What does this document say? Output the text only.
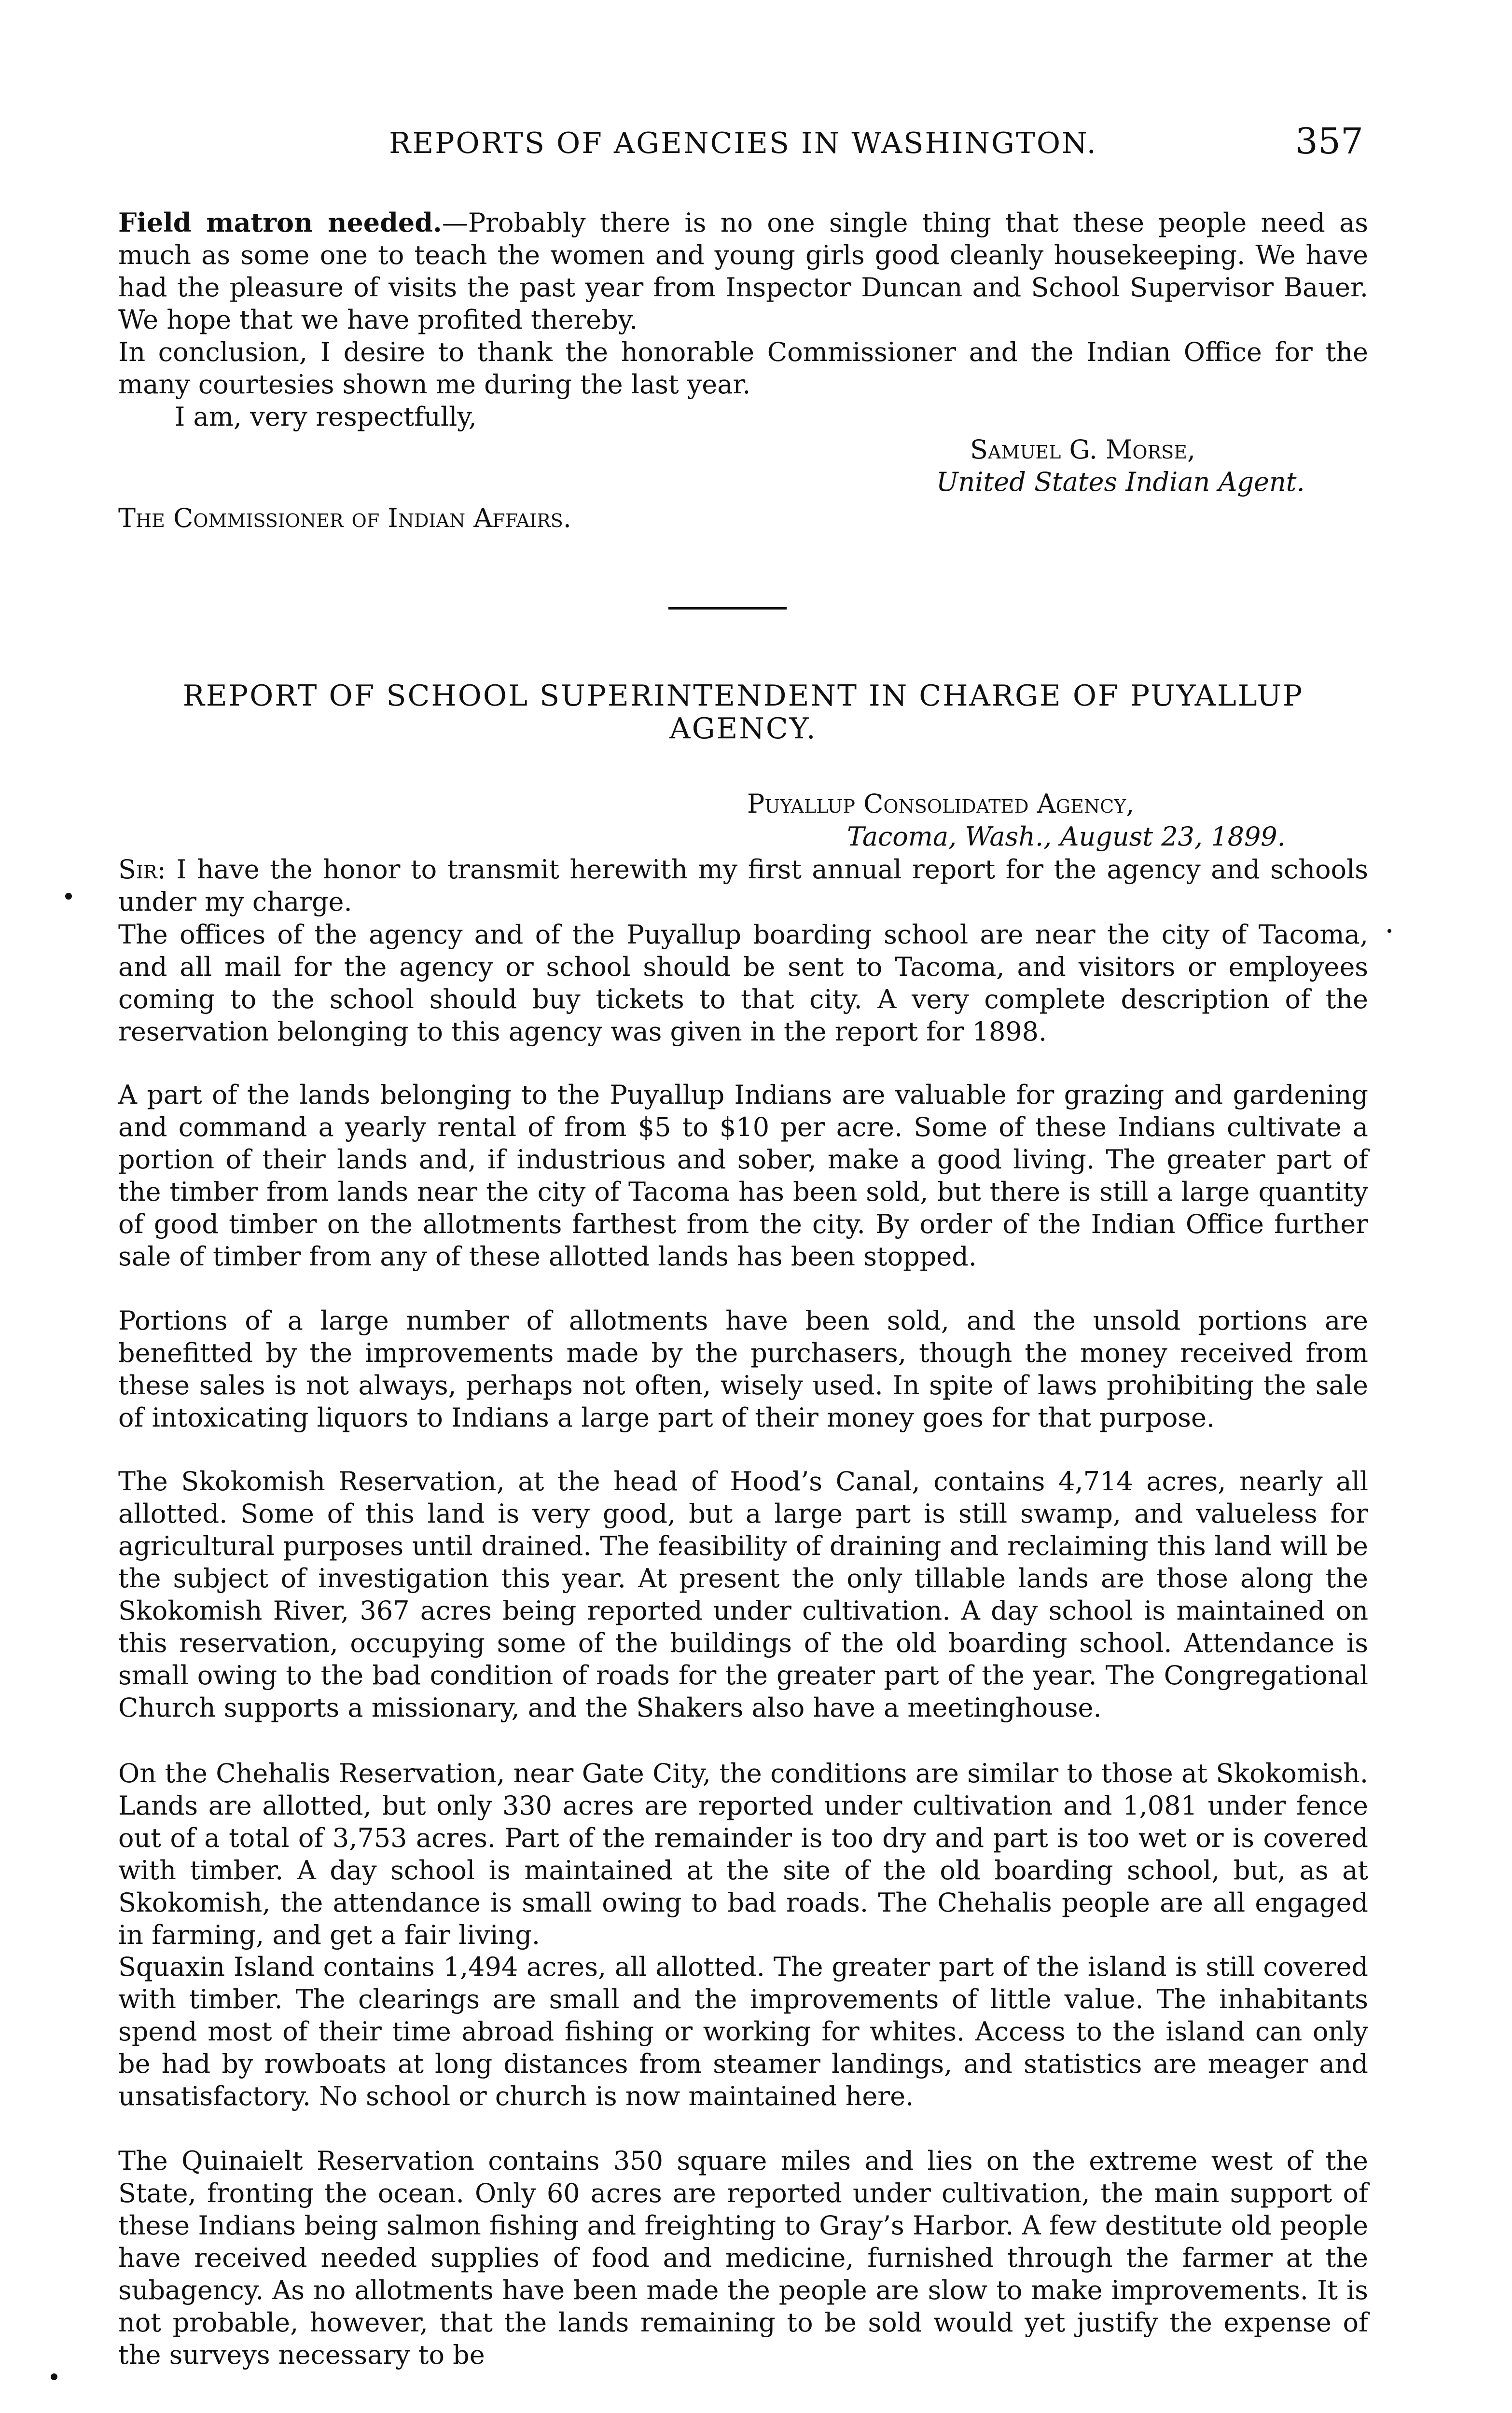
REPORTS OF AGENCIES IN WASHINGTON.	357

Field matron needed.—Probably there is no one single thing that these people need as much as some one to teach the women and young girls good cleanly housekeeping. We have had the pleasure of visits the past year from Inspector Duncan and School Supervisor Bauer. We hope that we have profited thereby.

In conclusion, I desire to thank the honorable Commissioner and the Indian Office for the many courtesies shown me during the last year.

I am, very respectfully,
Samuel G. Morse,
United States Indian Agent.
The Commissioner of Indian Affairs.
REPORT OF SCHOOL SUPERINTENDENT IN CHARGE OF PUYALLUP
AGENCY.
Puyallup Consolidated Agency,
Tacoma, Wash., August 23, 1899.

Sir: I have the honor to transmit herewith my first annual report for the agency and schools under my charge.

The offices of the agency and of the Puyallup boarding school are near the city of Tacoma, and all mail for the agency or school should be sent to Tacoma, and visitors or employees coming to the school should buy tickets to that city. A very complete description of the reservation belonging to this agency was given in the report for 1898.

A part of the lands belonging to the Puyallup Indians are valuable for grazing and gardening and command a yearly rental of from $5 to $10 per acre. Some of these Indians cultivate a portion of their lands and, if industrious and sober, make a good living. The greater part of the timber from lands near the city of Tacoma has been sold, but there is still a large quantity of good timber on the allotments farthest from the city. By order of the Indian Office further sale of timber from any of these allotted lands has been stopped.

Portions of a large number of allotments have been sold, and the unsold portions are benefitted by the improvements made by the purchasers, though the money received from these sales is not always, perhaps not often, wisely used. In spite of laws prohibiting the sale of intoxicating liquors to Indians a large part of their money goes for that purpose.

The Skokomish Reservation, at the head of Hood’s Canal, contains 4,714 acres, nearly all allotted. Some of this land is very good, but a large part is still swamp, and valueless for agricultural purposes until drained. The feasibility of draining and reclaiming this land will be the subject of investigation this year. At present the only tillable lands are those along the Skokomish River, 367 acres being reported under cultivation. A day school is maintained on this reservation, occupying some of the buildings of the old boarding school. Attendance is small owing to the bad condition of roads for the greater part of the year. The Congregational Church supports a missionary, and the Shakers also have a meetinghouse.

On the Chehalis Reservation, near Gate City, the conditions are similar to those at Skokomish. Lands are allotted, but only 330 acres are reported under cultivation and 1,081 under fence out of a total of 3,753 acres. Part of the remainder is too dry and part is too wet or is covered with timber. A day school is maintained at the site of the old boarding school, but, as at Skokomish, the attendance is small owing to bad roads. The Chehalis people are all engaged in farming, and get a fair living.

Squaxin Island contains 1,494 acres, all allotted. The greater part of the island is still covered with timber. The clearings are small and the improvements of little value. The inhabitants spend most of their time abroad fishing or working for whites. Access to the island can only be had by rowboats at long distances from steamer landings, and statistics are meager and unsatisfactory. No school or church is now maintained here.

The Quinaielt Reservation contains 350 square miles and lies on the extreme west of the State, fronting the ocean. Only 60 acres are reported under cultivation, the main support of these Indians being salmon fishing and freighting to Gray’s Harbor. A few destitute old people have received needed supplies of food and medicine, furnished through the farmer at the subagency. As no allotments have been made the people are slow to make improvements. It is not probable, however, that the lands remaining to be sold would yet justify the expense of the surveys necessary to be
